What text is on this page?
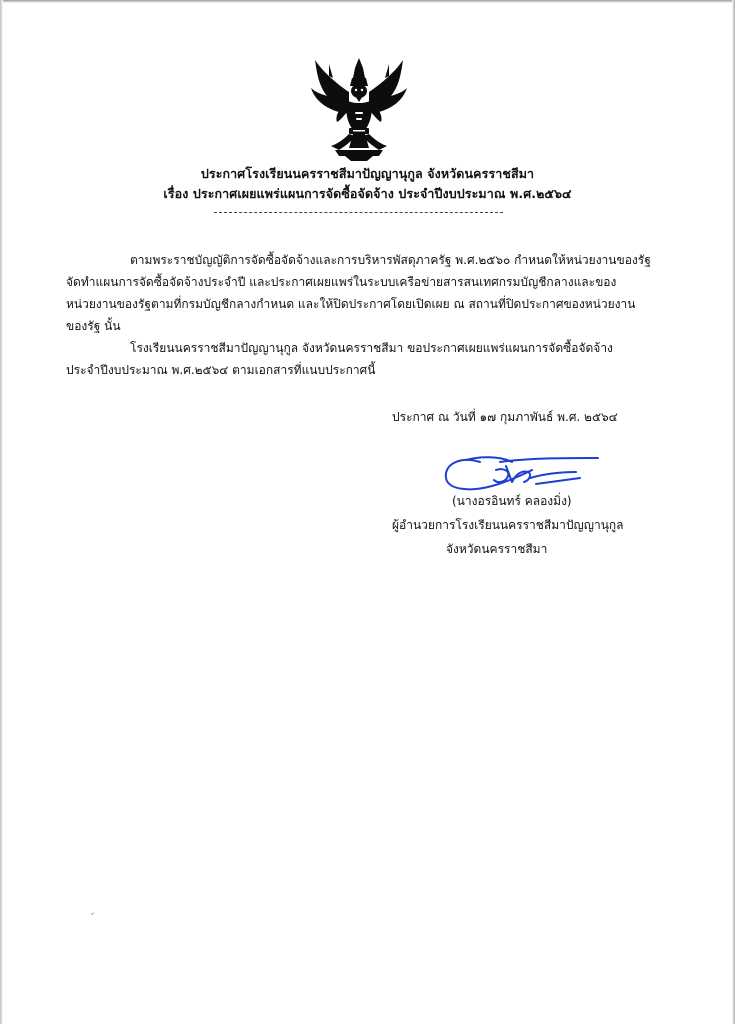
ประกาศโรงเรียนนครราชสีมาปัญญานุกูล จังหวัดนครราชสีมา
เรื่อง ประกาศเผยแพร่แผนการจัดซื้อจัดจ้าง ประจำปีงบประมาณ พ.ศ.๒๕๖๔
ตามพระราชบัญญัติการจัดซื้อจัดจ้างและการบริหารพัสดุภาครัฐ พ.ศ.๒๕๖๐ กำหนดให้หน่วยงานของรัฐ
จัดทำแผนการจัดซื้อจัดจ้างประจำปี และประกาศเผยแพร่ในระบบเครือข่ายสารสนเทศกรมบัญชีกลางและของ
หน่วยงานของรัฐตามที่กรมบัญชีกลางกำหนด และให้ปิดประกาศโดยเปิดเผย ณ สถานที่ปิดประกาศของหน่วยงาน
ของรัฐ นั้น
โรงเรียนนครราชสีมาปัญญานุกูล จังหวัดนครราชสีมา ขอประกาศเผยแพร่แผนการจัดซื้อจัดจ้าง
ประจำปีงบประมาณ พ.ศ.๒๕๖๔ ตามเอกสารที่แนบประกาศนี้
ประกาศ ณ วันที่ ๑๗ กุมภาพันธ์ พ.ศ. ๒๕๖๔
(นางอรอินทร์ คลองมิ่ง)
ผู้อำนวยการโรงเรียนนครราชสีมาปัญญานุกูล
จังหวัดนครราชสีมา
